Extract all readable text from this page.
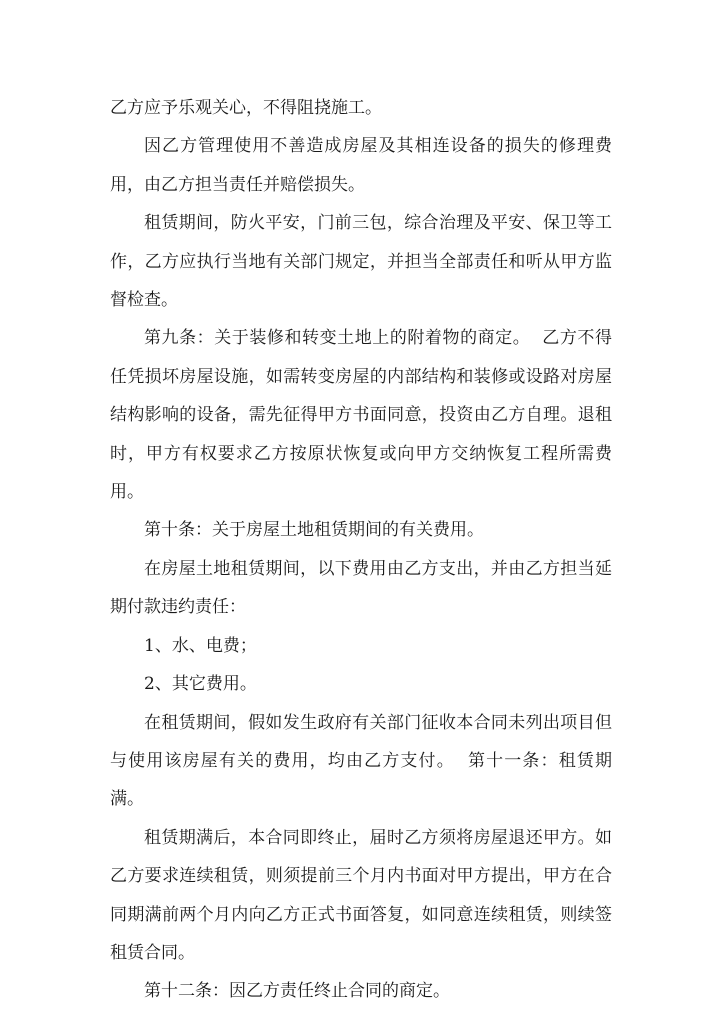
乙方应予乐观关心，不得阻挠施工。

因乙方管理使用不善造成房屋及其相连设备的损失的修理费用，由乙方担当责任并赔偿损失。

租赁期间，防火平安，门前三包，综合治理及平安、保卫等工作，乙方应执行当地有关部门规定，并担当全部责任和听从甲方监督检查。

第九条：关于装修和转变土地上的附着物的商定。  乙方不得任凭损坏房屋设施，如需转变房屋的内部结构和装修或设路对房屋结构影响的设备，需先征得甲方书面同意，投资由乙方自理。退租时，甲方有权要求乙方按原状恢复或向甲方交纳恢复工程所需费用。

第十条：关于房屋土地租赁期间的有关费用。

在房屋土地租赁期间，以下费用由乙方支出，并由乙方担当延期付款违约责任：

1、水、电费；

2、其它费用。

在租赁期间，假如发生政府有关部门征收本合同未列出项目但与使用该房屋有关的费用，均由乙方支付。  第十一条：租赁期满。

租赁期满后，本合同即终止，届时乙方须将房屋退还甲方。如乙方要求连续租赁，则须提前三个月内书面对甲方提出，甲方在合同期满前两个月内向乙方正式书面答复，如同意连续租赁，则续签租赁合同。

第十二条：因乙方责任终止合同的商定。
